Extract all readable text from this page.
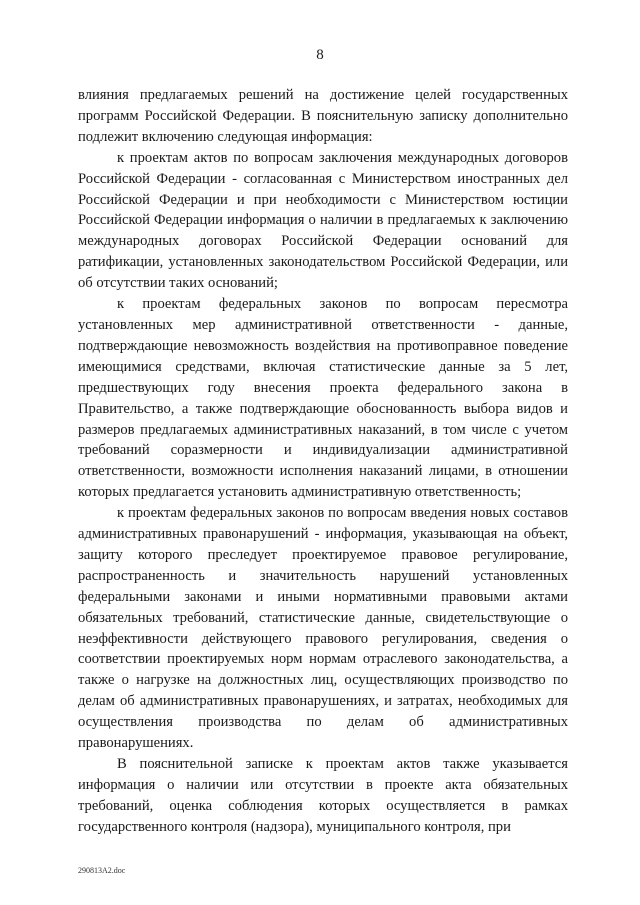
8

влияния предлагаемых решений на достижение целей государственных программ Российской Федерации. В пояснительную записку дополнительно подлежит включению следующая информация:

к проектам актов по вопросам заключения международных договоров Российской Федерации - согласованная с Министерством иностранных дел Российской Федерации и при необходимости с Министерством юстиции Российской Федерации информация о наличии в предлагаемых к заключению международных договорах Российской Федерации оснований для ратификации, установленных законодательством Российской Федерации, или об отсутствии таких оснований;

к проектам федеральных законов по вопросам пересмотра установленных мер административной ответственности - данные, подтверждающие невозможность воздействия на противоправное поведение имеющимися средствами, включая статистические данные за 5 лет, предшествующих году внесения проекта федерального закона в Правительство, а также подтверждающие обоснованность выбора видов и размеров предлагаемых административных наказаний, в том числе с учетом требований соразмерности и индивидуализации административной ответственности, возможности исполнения наказаний лицами, в отношении которых предлагается установить административную ответственность;

к проектам федеральных законов по вопросам введения новых составов административных правонарушений - информация, указывающая на объект, защиту которого преследует проектируемое правовое регулирование, распространенность и значительность нарушений установленных федеральными законами и иными нормативными правовыми актами обязательных требований, статистические данные, свидетельствующие о неэффективности действующего правового регулирования, сведения о соответствии проектируемых норм нормам отраслевого законодательства, а также о нагрузке на должностных лиц, осуществляющих производство по делам об административных правонарушениях, и затратах, необходимых для осуществления производства по делам об административных правонарушениях.

В пояснительной записке к проектам актов также указывается информация о наличии или отсутствии в проекте акта обязательных требований, оценка соблюдения которых осуществляется в рамках государственного контроля (надзора), муниципального контроля, при

290813A2.doc
